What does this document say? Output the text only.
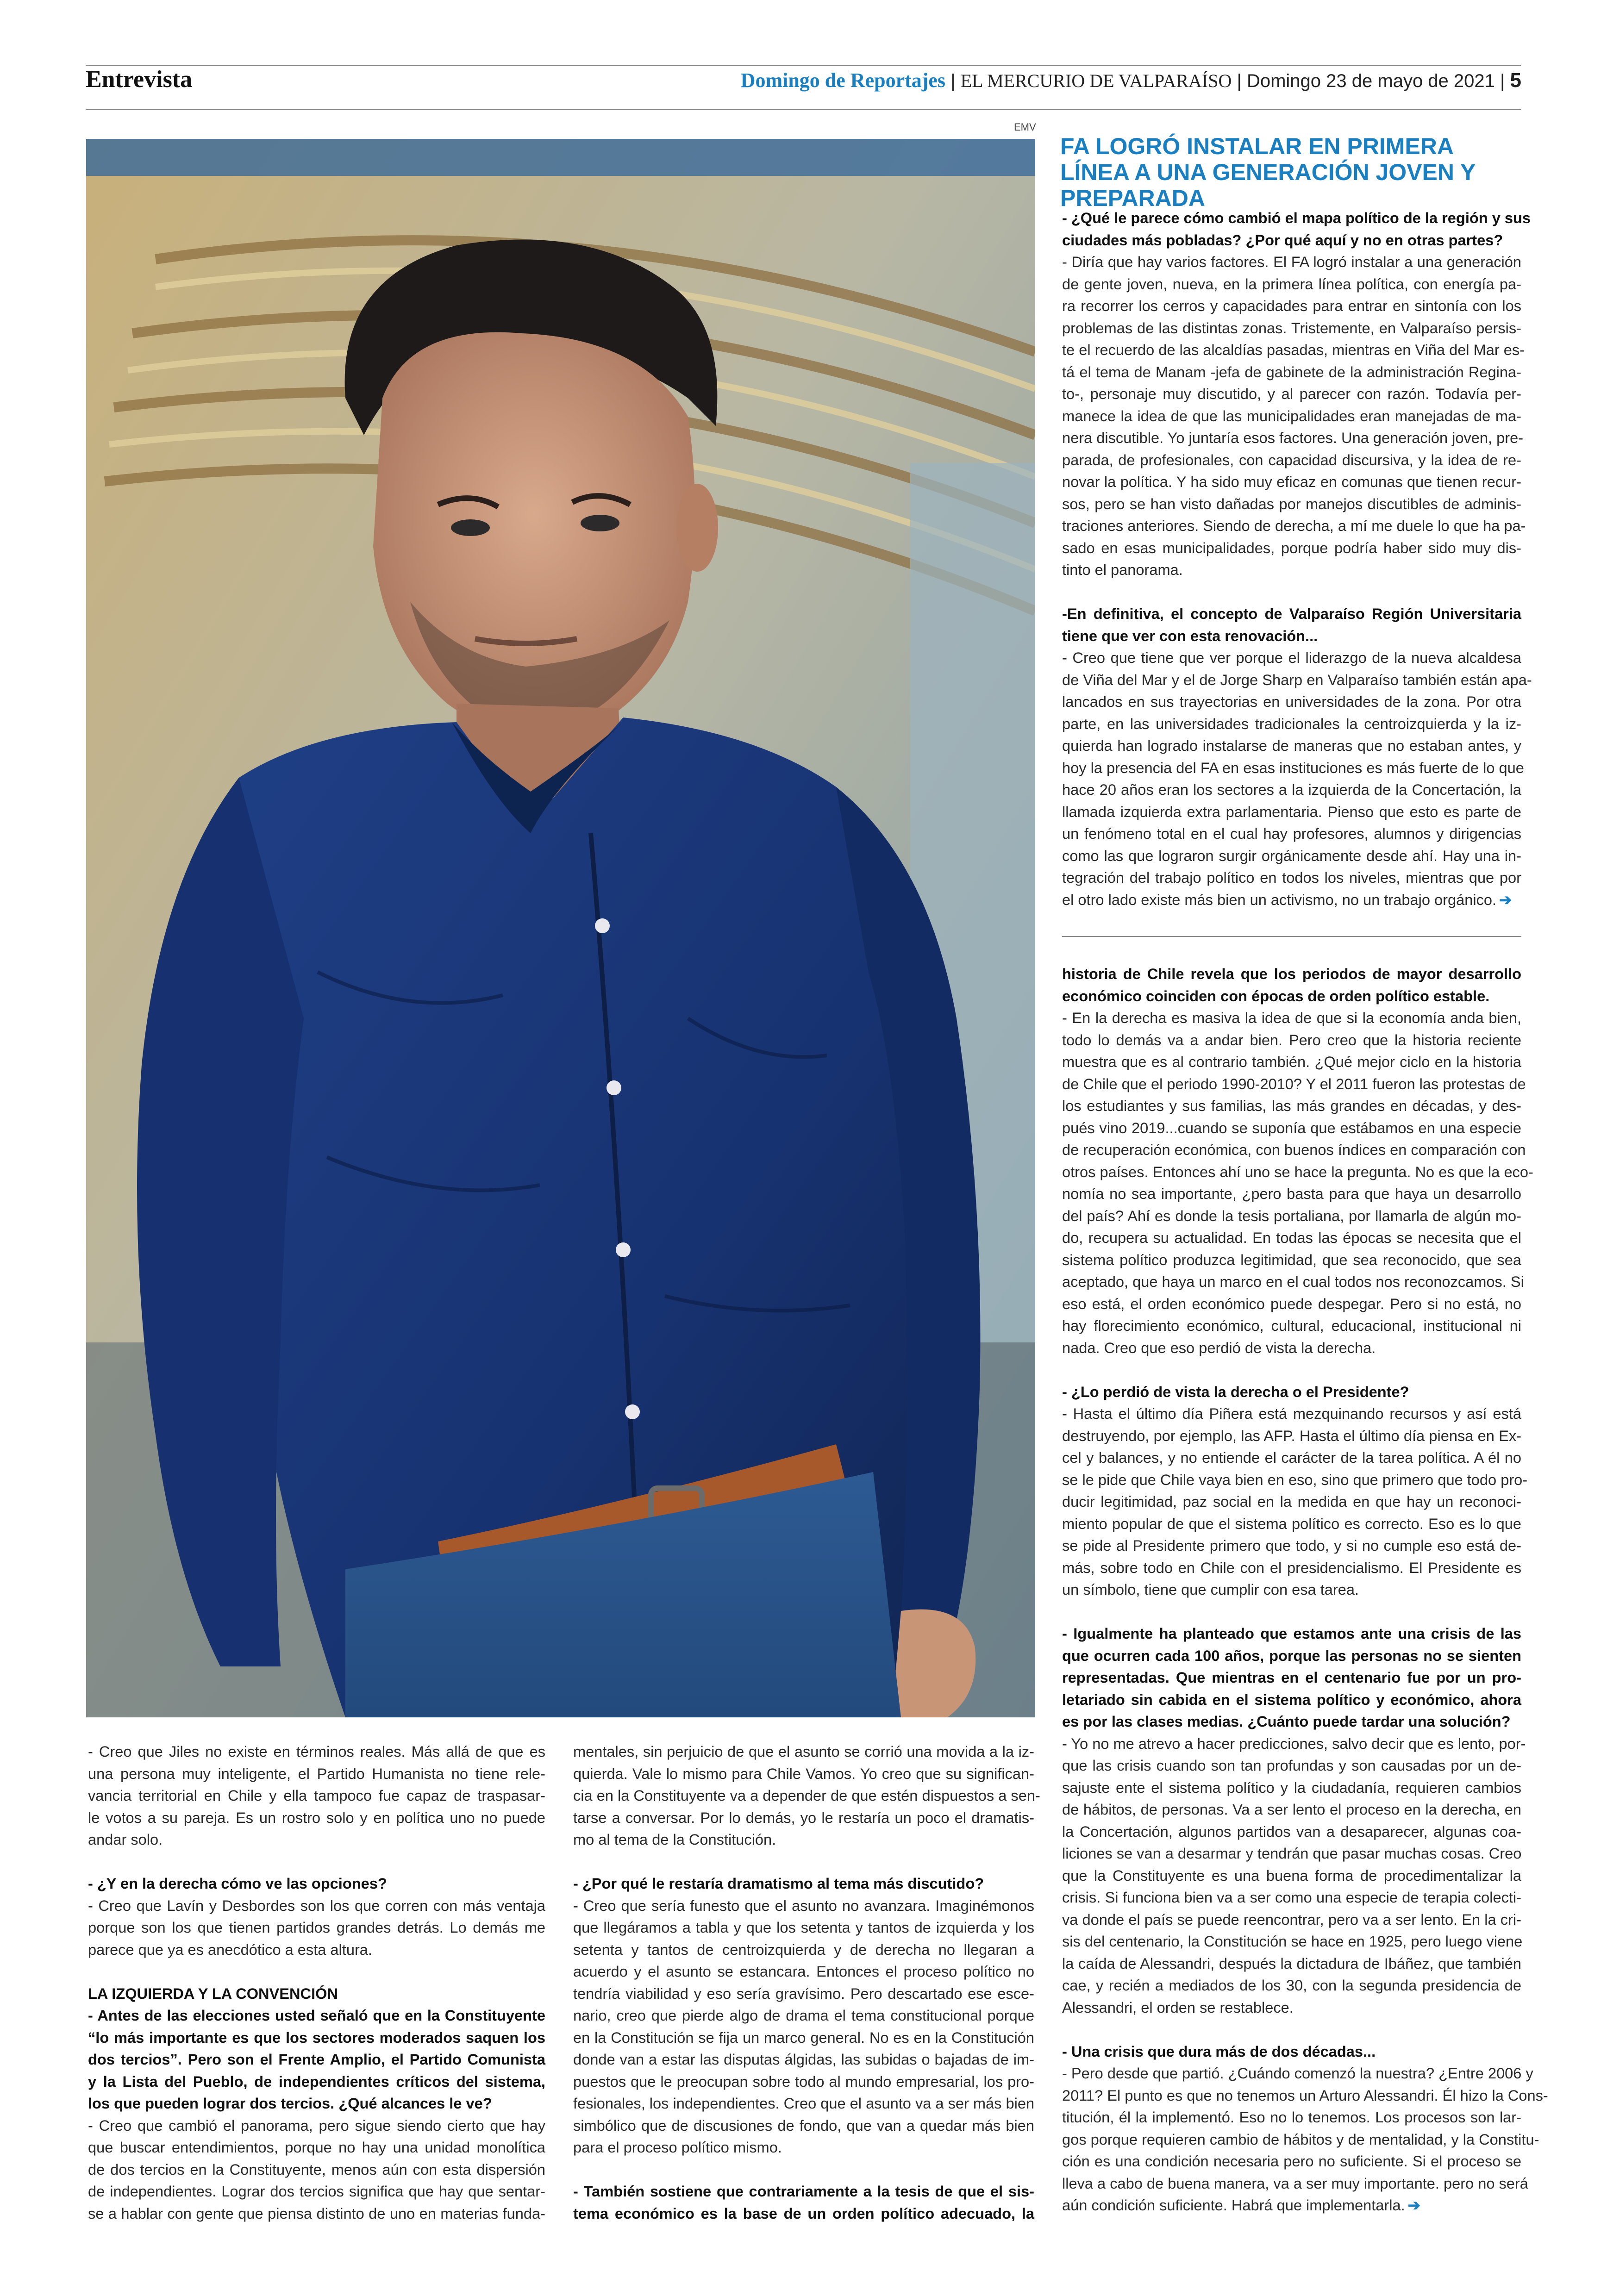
Entrevista	Domingo de Reportajes | EL MERCURIO DE VALPARAÍSO | Domingo 23 de mayo de 2021 | 5
EMV
FA LOGRÓ INSTALAR EN PRIMERA LÍNEA A UNA GENERACIÓN JOVEN Y PREPARADA

- ¿Qué le parece cómo cambió el mapa político de la región y sus

ciudades más pobladas? ¿Por qué aquí y no en otras partes?

- Diría que hay varios factores. El FA logró instalar a una generación

de gente joven, nueva, en la primera línea política, con energía pa-

ra recorrer los cerros y capacidades para entrar en sintonía con los

problemas de las distintas zonas. Tristemente, en Valparaíso persis-

te el recuerdo de las alcaldías pasadas, mientras en Viña del Mar es-

tá el tema de Manam -jefa de gabinete de la administración Regina-

to-, personaje muy discutido, y al parecer con razón. Todavía per-

manece la idea de que las municipalidades eran manejadas de ma-

nera discutible. Yo juntaría esos factores. Una generación joven, pre-

parada, de profesionales, con capacidad discursiva, y la idea de re-

novar la política. Y ha sido muy eficaz en comunas que tienen recur-

sos, pero se han visto dañadas por manejos discutibles de adminis-

traciones anteriores. Siendo de derecha, a mí me duele lo que ha pa-

sado en esas municipalidades, porque podría haber sido muy dis-

tinto el panorama.

-En definitiva, el concepto de Valparaíso Región Universitaria

tiene que ver con esta renovación...

- Creo que tiene que ver porque el liderazgo de la nueva alcaldesa

de Viña del Mar y el de Jorge Sharp en Valparaíso también están apa-

lancados en sus trayectorias en universidades de la zona. Por otra

parte, en las universidades tradicionales la centroizquierda y la iz-

quierda han logrado instalarse de maneras que no estaban antes, y

hoy la presencia del FA en esas instituciones es más fuerte de lo que

hace 20 años eran los sectores a la izquierda de la Concertación, la

llamada izquierda extra parlamentaria. Pienso que esto es parte de

un fenómeno total en el cual hay profesores, alumnos y dirigencias

como las que lograron surgir orgánicamente desde ahí. Hay una in-

tegración del trabajo político en todos los niveles, mientras que por

el otro lado existe más bien un activismo, no un trabajo orgánico. ➔

historia de Chile revela que los periodos de mayor desarrollo

económico coinciden con épocas de orden político estable.

- En la derecha es masiva la idea de que si la economía anda bien,

todo lo demás va a andar bien. Pero creo que la historia reciente

muestra que es al contrario también. ¿Qué mejor ciclo en la historia

de Chile que el periodo 1990-2010? Y el 2011 fueron las protestas de

los estudiantes y sus familias, las más grandes en décadas, y des-

pués vino 2019...cuando se suponía que estábamos en una especie

de recuperación económica, con buenos índices en comparación con

otros países. Entonces ahí uno se hace la pregunta. No es que la eco-

nomía no sea importante, ¿pero basta para que haya un desarrollo

del país? Ahí es donde la tesis portaliana, por llamarla de algún mo-

do, recupera su actualidad. En todas las épocas se necesita que el

sistema político produzca legitimidad, que sea reconocido, que sea

aceptado, que haya un marco en el cual todos nos reconozcamos. Si

eso está, el orden económico puede despegar. Pero si no está, no

hay florecimiento económico, cultural, educacional, institucional ni

nada. Creo que eso perdió de vista la derecha.

- ¿Lo perdió de vista la derecha o el Presidente?

- Hasta el último día Piñera está mezquinando recursos y así está

destruyendo, por ejemplo, las AFP. Hasta el último día piensa en Ex-

cel y balances, y no entiende el carácter de la tarea política. A él no

se le pide que Chile vaya bien en eso, sino que primero que todo pro-

ducir legitimidad, paz social en la medida en que hay un reconoci-

miento popular de que el sistema político es correcto. Eso es lo que

se pide al Presidente primero que todo, y si no cumple eso está de-

más, sobre todo en Chile con el presidencialismo. El Presidente es

un símbolo, tiene que cumplir con esa tarea.

- Igualmente ha planteado que estamos ante una crisis de las

que ocurren cada 100 años, porque las personas no se sienten

representadas. Que mientras en el centenario fue por un pro-

letariado sin cabida en el sistema político y económico, ahora

es por las clases medias. ¿Cuánto puede tardar una solución?

- Yo no me atrevo a hacer predicciones, salvo decir que es lento, por-

que las crisis cuando son tan profundas y son causadas por un de-

sajuste ente el sistema político y la ciudadanía, requieren cambios

de hábitos, de personas. Va a ser lento el proceso en la derecha, en

la Concertación, algunos partidos van a desaparecer, algunas coa-

liciones se van a desarmar y tendrán que pasar muchas cosas. Creo

que la Constituyente es una buena forma de procedimentalizar la

crisis. Si funciona bien va a ser como una especie de terapia colecti-

va donde el país se puede reencontrar, pero va a ser lento. En la cri-

sis del centenario, la Constitución se hace en 1925, pero luego viene

la caída de Alessandri, después la dictadura de Ibáñez, que también

cae, y recién a mediados de los 30, con la segunda presidencia de

Alessandri, el orden se restablece.

- Una crisis que dura más de dos décadas...

- Pero desde que partió. ¿Cuándo comenzó la nuestra? ¿Entre 2006 y

2011? El punto es que no tenemos un Arturo Alessandri. Él hizo la Cons-

titución, él la implementó. Eso no lo tenemos. Los procesos son lar-

gos porque requieren cambio de hábitos y de mentalidad, y la Constitu-

ción es una condición necesaria pero no suficiente. Si el proceso se

lleva a cabo de buena manera, va a ser muy importante. pero no será

aún condición suficiente. Habrá que implementarla. ➔

- Creo que Jiles no existe en términos reales. Más allá de que es

una persona muy inteligente, el Partido Humanista no tiene rele-

vancia territorial en Chile y ella tampoco fue capaz de traspasar-

le votos a su pareja. Es un rostro solo y en política uno no puede

andar solo.

- ¿Y en la derecha cómo ve las opciones?

- Creo que Lavín y Desbordes son los que corren con más ventaja

porque son los que tienen partidos grandes detrás. Lo demás me

parece que ya es anecdótico a esta altura.

LA IZQUIERDA Y LA CONVENCIÓN

- Antes de las elecciones usted señaló que en la Constituyente

“lo más importante es que los sectores moderados saquen los

dos tercios”. Pero son el Frente Amplio, el Partido Comunista

y la Lista del Pueblo, de independientes críticos del sistema,

los que pueden lograr dos tercios. ¿Qué alcances le ve?

- Creo que cambió el panorama, pero sigue siendo cierto que hay

que buscar entendimientos, porque no hay una unidad monolítica

de dos tercios en la Constituyente, menos aún con esta dispersión

de independientes. Lograr dos tercios significa que hay que sentar-

se a hablar con gente que piensa distinto de uno en materias funda-

mentales, sin perjuicio de que el asunto se corrió una movida a la iz-

quierda. Vale lo mismo para Chile Vamos. Yo creo que su significan-

cia en la Constituyente va a depender de que estén dispuestos a sen-

tarse a conversar. Por lo demás, yo le restaría un poco el dramatis-

mo al tema de la Constitución.

- ¿Por qué le restaría dramatismo al tema más discutido?

- Creo que sería funesto que el asunto no avanzara. Imaginémonos

que llegáramos a tabla y que los setenta y tantos de izquierda y los

setenta y tantos de centroizquierda y de derecha no llegaran a

acuerdo y el asunto se estancara. Entonces el proceso político no

tendría viabilidad y eso sería gravísimo. Pero descartado ese esce-

nario, creo que pierde algo de drama el tema constitucional porque

en la Constitución se fija un marco general. No es en la Constitución

donde van a estar las disputas álgidas, las subidas o bajadas de im-

puestos que le preocupan sobre todo al mundo empresarial, los pro-

fesionales, los independientes. Creo que el asunto va a ser más bien

simbólico que de discusiones de fondo, que van a quedar más bien

para el proceso político mismo.

- También sostiene que contrariamente a la tesis de que el sis-

tema económico es la base de un orden político adecuado, la
